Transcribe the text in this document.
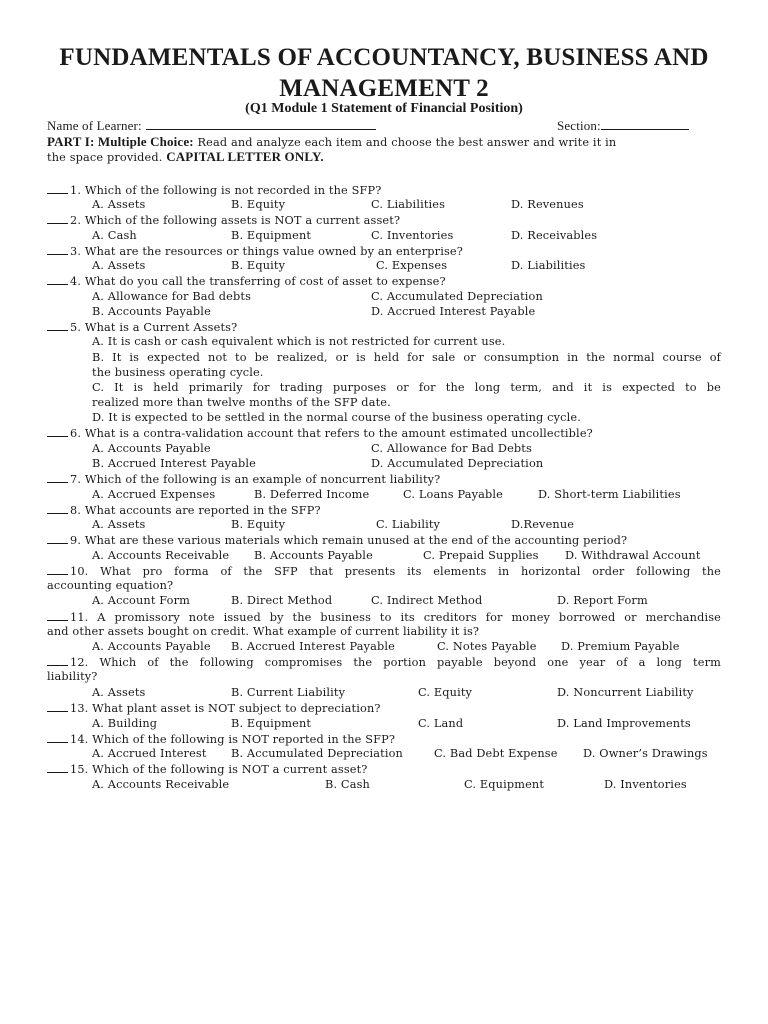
FUNDAMENTALS OF ACCOUNTANCY, BUSINESS AND MANAGEMENT 2
(Q1 Module 1 Statement of Financial Position)
Name of Learner:	Section:
PART I: Multiple Choice: Read and analyze each item and choose the best answer and write it in
the space provided. CAPITAL LETTER ONLY.
1. Which of the following is not recorded in the SFP?
A. Assets	B. Equity	C. Liabilities	D. Revenues
2. Which of the following assets is NOT a current asset?
A. Cash	B. Equipment	C. Inventories	D. Receivables
3. What are the resources or things value owned by an enterprise?
A. Assets	B. Equity	C. Expenses	D. Liabilities
4. What do you call the transferring of cost of asset to expense?
A. Allowance for Bad debts	C. Accumulated Depreciation
B. Accounts Payable	D. Accrued Interest Payable
5. What is a Current Assets?
A. It is cash or cash equivalent which is not restricted for current use.
B. It is expected not to be realized, or is held for sale or consumption in the normal course of
the business operating cycle.
C. It is held primarily for trading purposes or for the long term, and it is expected to be
realized more than twelve months of the SFP date.
D. It is expected to be settled in the normal course of the business operating cycle.
6. What is a contra-validation account that refers to the amount estimated uncollectible?
A. Accounts Payable	C. Allowance for Bad Debts
B. Accrued Interest Payable	D. Accumulated Depreciation
7. Which of the following is an example of noncurrent liability?
A. Accrued Expenses	B. Deferred Income	C. Loans Payable	D. Short-term Liabilities
8. What accounts are reported in the SFP?
A. Assets	B. Equity	C. Liability	D.Revenue
9. What are these various materials which remain unused at the end of the accounting period?
A. Accounts Receivable B. Accounts Payable	C. Prepaid Supplies D. Withdrawal Account
10. What pro forma of the SFP that presents its elements in horizontal order following the
accounting equation?
A. Account Form	B. Direct Method	C. Indirect Method	D. Report Form
11. A promissory note issued by the business to its creditors for money borrowed or merchandise
and other assets bought on credit. What example of current liability it is?
A. Accounts Payable B. Accrued Interest Payable	C. Notes Payable D. Premium Payable
12. Which of the following compromises the portion payable beyond one year of a long term
liability?
A. Assets	B. Current Liability	C. Equity	D. Noncurrent Liability
13. What plant asset is NOT subject to depreciation?
A. Building	B. Equipment	C. Land	D. Land Improvements
14. Which of the following is NOT reported in the SFP?
A. Accrued Interest B. Accumulated Depreciation	C. Bad Debt Expense D. Owner’s Drawings
15. Which of the following is NOT a current asset?
A. Accounts Receivable	B. Cash	C. Equipment	D. Inventories
